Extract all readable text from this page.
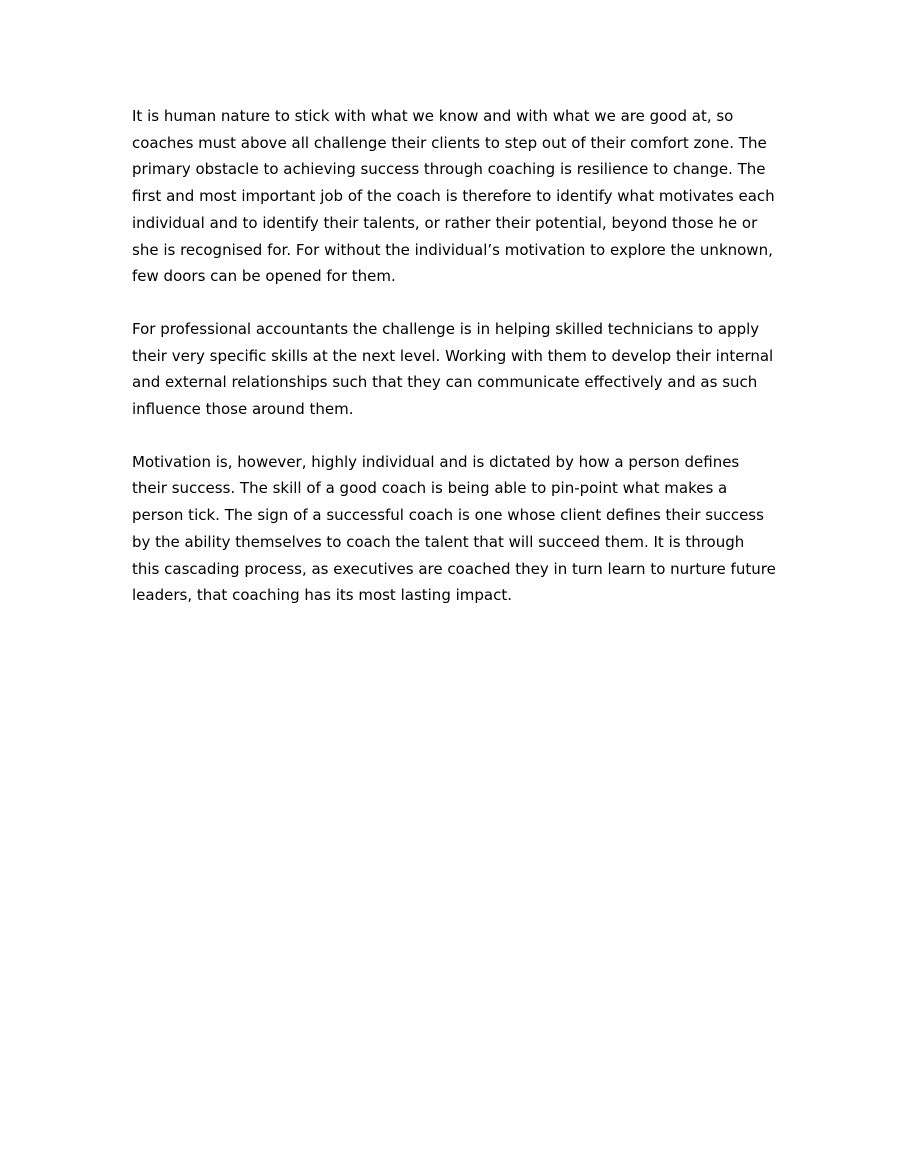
It is human nature to stick with what we know and with what we are good at, so
coaches must above all challenge their clients to step out of their comfort zone. The
primary obstacle to achieving success through coaching is resilience to change. The
first and most important job of the coach is therefore to identify what motivates each
individual and to identify their talents, or rather their potential, beyond those he or
she is recognised for. For without the individual’s motivation to explore the unknown,
few doors can be opened for them.

For professional accountants the challenge is in helping skilled technicians to apply
their very specific skills at the next level. Working with them to develop their internal
and external relationships such that they can communicate effectively and as such
influence those around them.

Motivation is, however, highly individual and is dictated by how a person defines
their success. The skill of a good coach is being able to pin-point what makes a
person tick. The sign of a successful coach is one whose client defines their success
by the ability themselves to coach the talent that will succeed them. It is through
this cascading process, as executives are coached they in turn learn to nurture future
leaders, that coaching has its most lasting impact.
